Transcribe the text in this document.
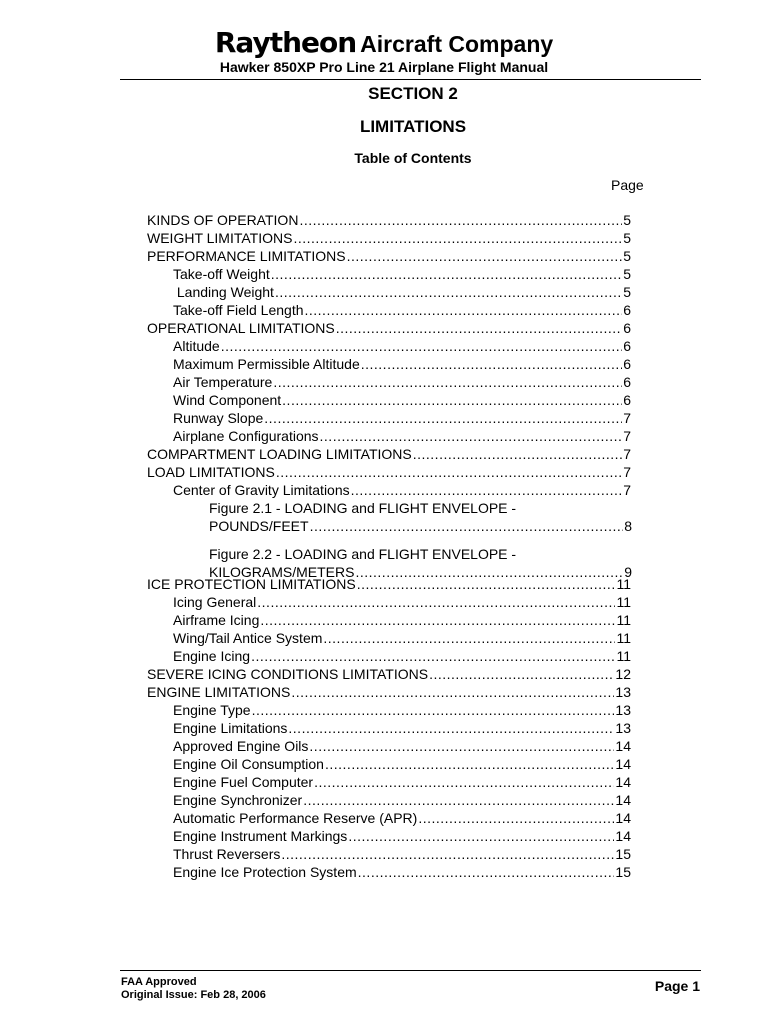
Raytheon Aircraft Company
Hawker 850XP Pro Line 21 Airplane Flight Manual
SECTION 2
LIMITATIONS
Table of Contents
Page
KINDS OF OPERATION .....	5
WEIGHT LIMITATIONS .....	5
PERFORMANCE LIMITATIONS .....	5
Take-off Weight .....	5
Landing Weight .....	5
Take-off Field Length .....	6
OPERATIONAL LIMITATIONS .....	6
Altitude .....	6
Maximum Permissible Altitude .....	6
Air Temperature .....	6
Wind Component .....	6
Runway Slope .....	7
Airplane Configurations .....	7
COMPARTMENT LOADING LIMITATIONS .....	7
LOAD LIMITATIONS .....	7
Center of Gravity Limitations .....	7
Figure 2.1 - LOADING and FLIGHT ENVELOPE -
POUNDS/FEET .....	8
Figure 2.2 - LOADING and FLIGHT ENVELOPE -
KILOGRAMS/METERS .....	9
ICE PROTECTION LIMITATIONS .....	11
Icing General .....	11
Airframe Icing .....	11
Wing/Tail Antice System .....	11
Engine Icing .....	11
SEVERE ICING CONDITIONS LIMITATIONS .....	12
ENGINE LIMITATIONS .....	13
Engine Type .....	13
Engine Limitations .....	13
Approved Engine Oils .....	14
Engine Oil Consumption .....	14
Engine Fuel Computer .....	14
Engine Synchronizer .....	14
Automatic Performance Reserve (APR) .....	14
Engine Instrument Markings .....	14
Thrust Reversers .....	15
Engine Ice Protection System .....	15
FAA Approved
Original Issue: Feb 28, 2006
Page 1
